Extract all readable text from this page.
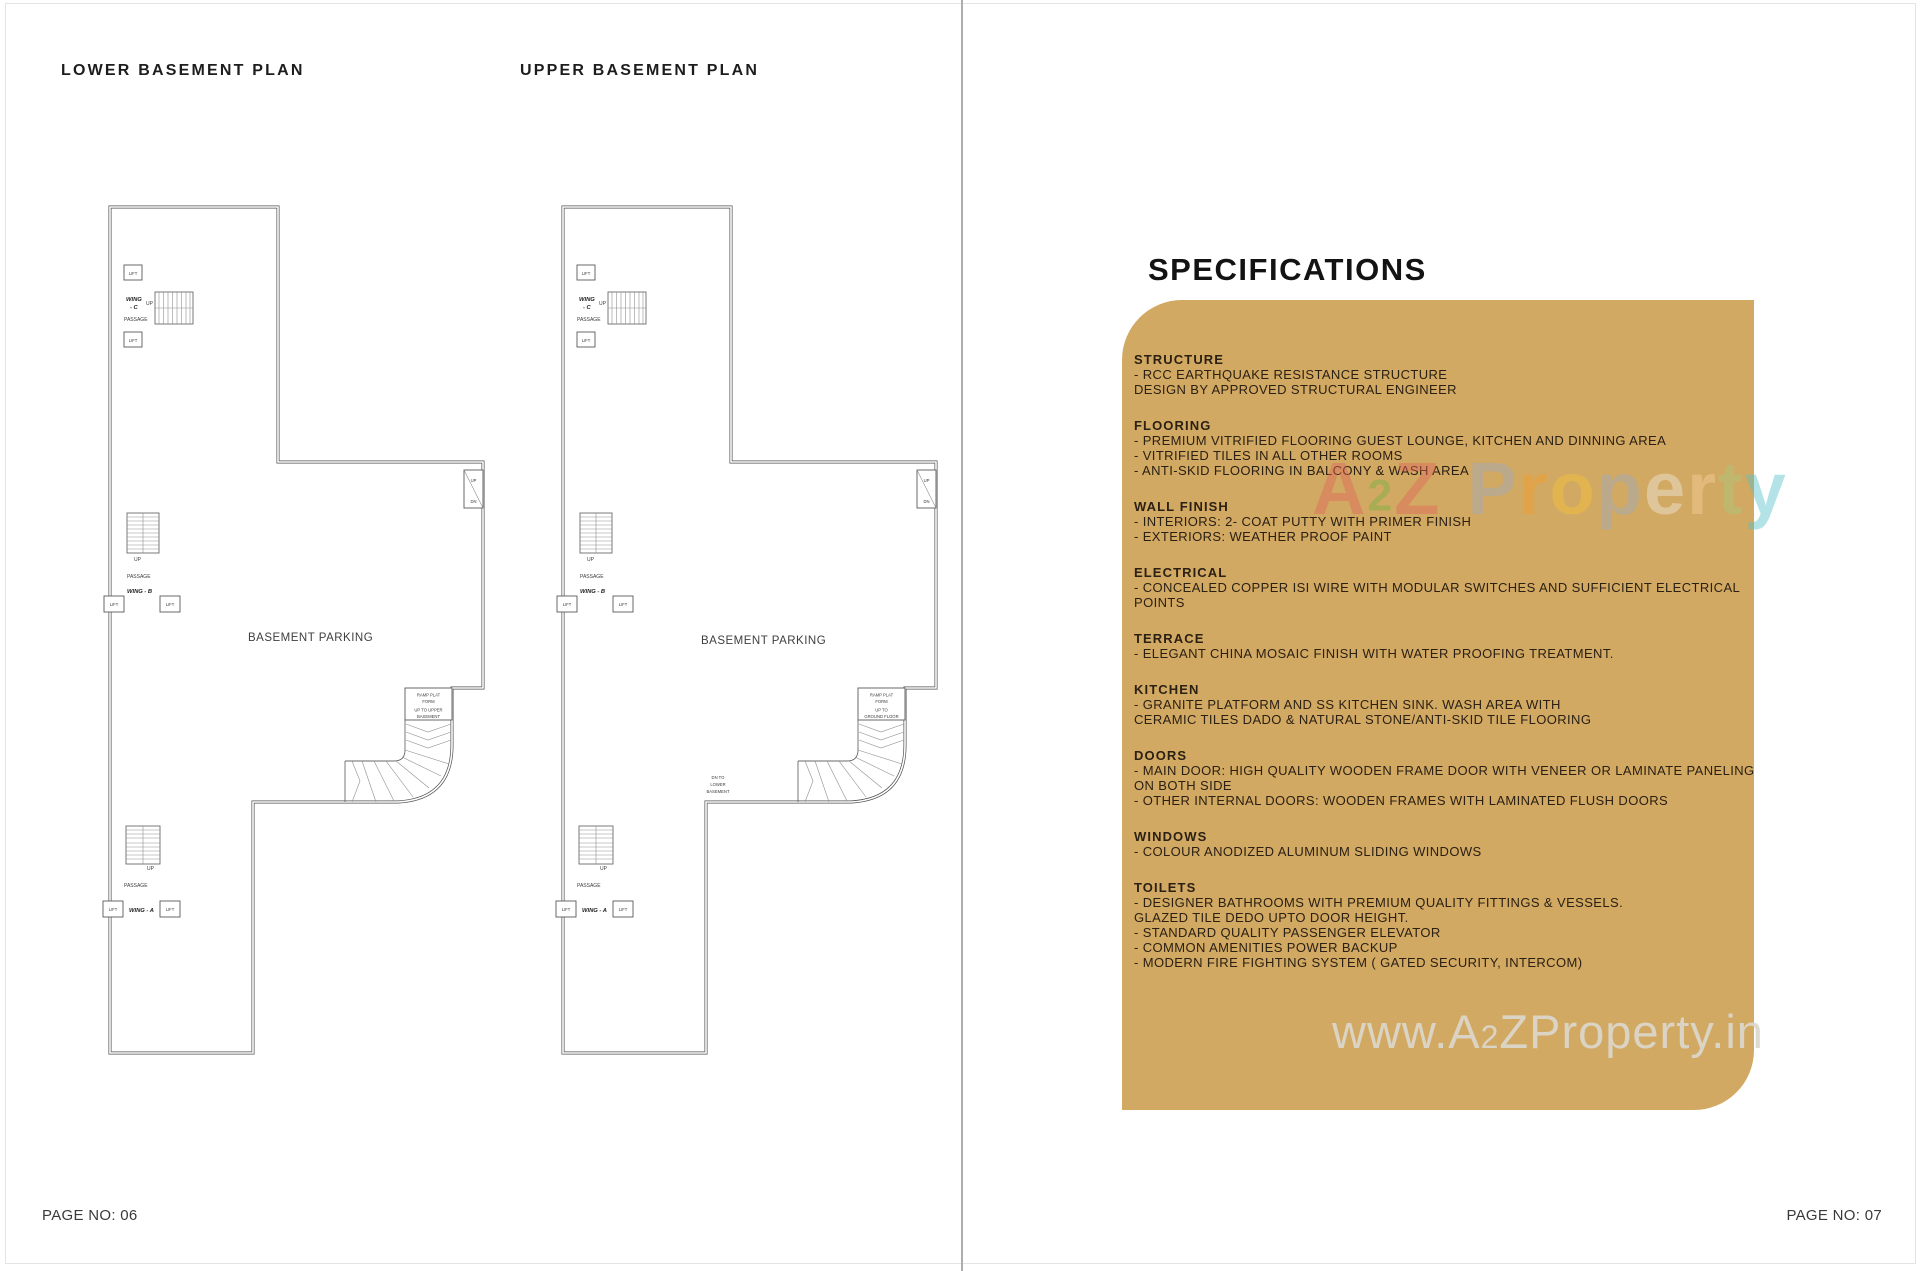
LOWER BASEMENT PLAN	UPPER BASEMENT PLAN
LIFT
UP
WING
- C
PASSAGE
LIFT
UP
PASSAGE
WING - B
LIFT	LIFT
UP
PASSAGE
LIFT	LIFT
WING - A
BASEMENT PARKING
UP
DN
RAMP PLAT
FORM
UP TO UPPER
BASEMENT
LIFT
UP
WING
- C
PASSAGE
LIFT
UP
PASSAGE
WING - B
LIFT	LIFT
UP
PASSAGE
LIFT	LIFT
WING - A
BASEMENT PARKING
UP
DN
RAMP PLAT
FORM
UP TO
GROUND FLOOR
DN TO
LOWER
BASEMENT
SPECIFICATIONS
STRUCTURE
- RCC EARTHQUAKE RESISTANCE STRUCTURE
DESIGN BY APPROVED STRUCTURAL ENGINEER
FLOORING
- PREMIUM VITRIFIED FLOORING GUEST LOUNGE, KITCHEN AND DINNING AREA
- VITRIFIED TILES IN ALL OTHER ROOMS
- ANTI-SKID FLOORING IN BALCONY & WASH AREA
WALL FINISH
- INTERIORS: 2- COAT PUTTY WITH PRIMER FINISH
- EXTERIORS: WEATHER PROOF PAINT
ELECTRICAL
- CONCEALED COPPER ISI WIRE WITH MODULAR SWITCHES AND SUFFICIENT ELECTRICAL
POINTS
TERRACE
- ELEGANT CHINA MOSAIC FINISH WITH WATER PROOFING TREATMENT.
KITCHEN
- GRANITE PLATFORM AND SS KITCHEN SINK. WASH AREA WITH
CERAMIC TILES DADO & NATURAL STONE/ANTI-SKID TILE FLOORING
DOORS
- MAIN DOOR: HIGH QUALITY WOODEN FRAME DOOR WITH VENEER OR LAMINATE PANELING
ON BOTH SIDE
- OTHER INTERNAL DOORS: WOODEN FRAMES WITH LAMINATED FLUSH DOORS
WINDOWS
- COLOUR ANODIZED ALUMINUM SLIDING WINDOWS
TOILETS
- DESIGNER BATHROOMS WITH PREMIUM QUALITY FITTINGS & VESSELS.
GLAZED TILE DEDO UPTO DOOR HEIGHT.
- STANDARD QUALITY PASSENGER ELEVATOR
- COMMON AMENITIES POWER BACKUP
- MODERN FIRE FIGHTING SYSTEM ( GATED SECURITY, INTERCOM)
A2Z Property
www.A2ZProperty.in
PAGE NO: 06	PAGE NO: 07
